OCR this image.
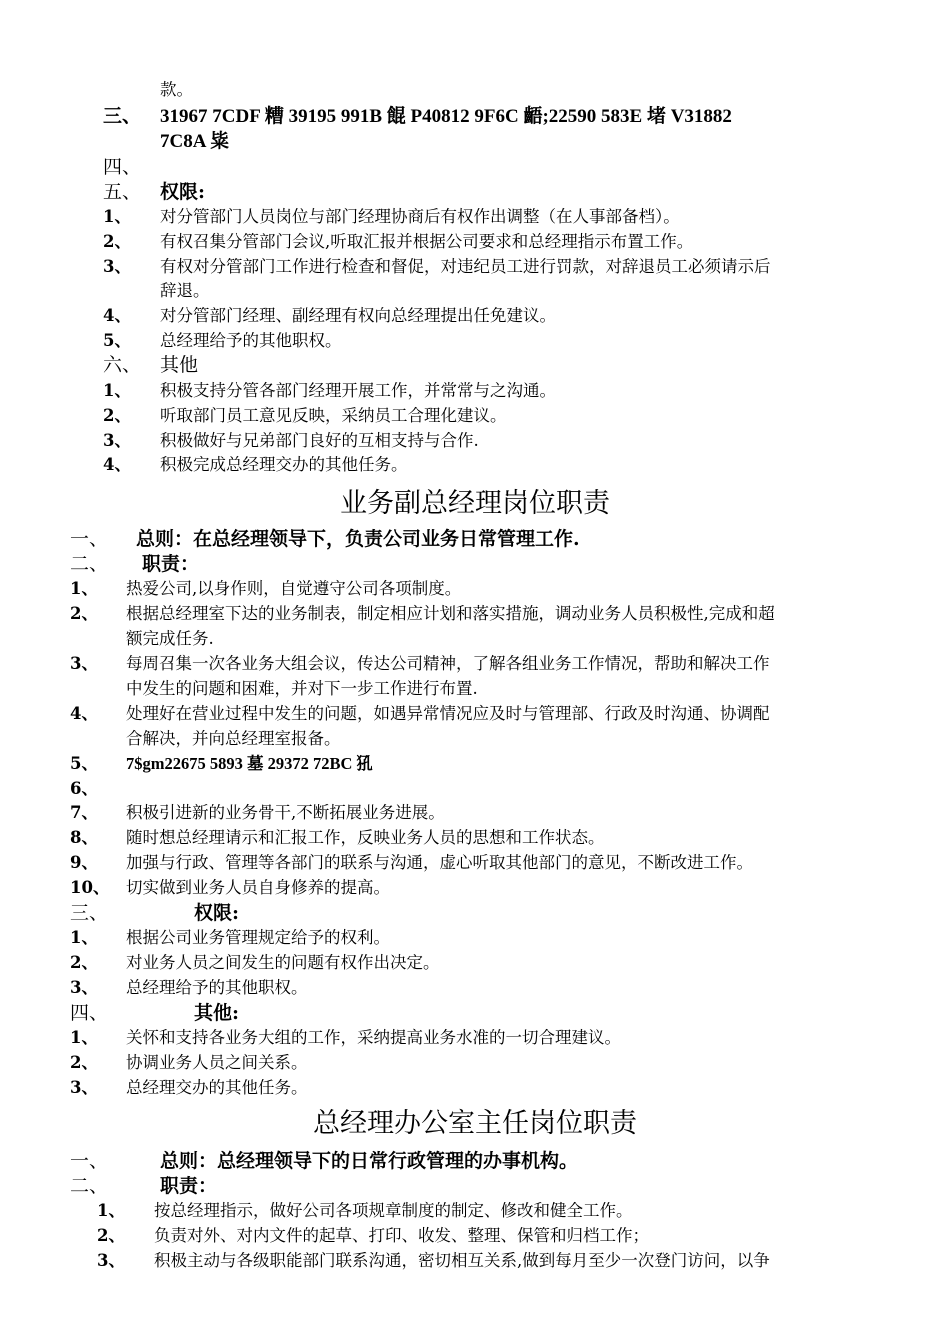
款。
三、 31967 7CDF 糟 39195 991B 餛 P40812 9F6C 齬;22590 583E 堵 V31882
7C8A 粊
四、
五、 权限:
1、	对分管部门人员岗位与部门经理协商后有权作出调整（在人事部备档）。
2、	有权召集分管部门会议,听取汇报并根据公司要求和总经理指示布置工作。
3、	有权对分管部门工作进行检查和督促，对违纪员工进行罚款，对辞退员工必须请示后
辞退。
4、	对分管部门经理、副经理有权向总经理提出任免建议。
5、	总经理给予的其他职权。
六、 其他
1、	积极支持分管各部门经理开展工作，并常常与之沟通。
2、	听取部门员工意见反映，采纳员工合理化建议。
3、	积极做好与兄弟部门良好的互相支持与合作.
4、	积极完成总经理交办的其他任务。
业务副总经理岗位职责
一、	总则：在总经理领导下，负责公司业务日常管理工作.
二、	职责：
1、	热爱公司,以身作则，自觉遵守公司各项制度。
2、	根据总经理室下达的业务制表，制定相应计划和落实措施，调动业务人员积极性,完成和超
额完成任务.
3、	每周召集一次各业务大组会议，传达公司精神，了解各组业务工作情况，帮助和解决工作
中发生的问题和困难，并对下一步工作进行布置.
4、	处理好在营业过程中发生的问题，如遇异常情况应及时与管理部、行政及时沟通、协调配
合解决，并向总经理室报备。
5、	7$gm22675 5893 墓 29372 72BC 犼
6、
7、	积极引进新的业务骨干,不断拓展业务进展。
8、	随时想总经理请示和汇报工作，反映业务人员的思想和工作状态。
9、	加强与行政、管理等各部门的联系与沟通，虚心听取其他部门的意见，不断改进工作。
10、	切实做到业务人员自身修养的提高。
三、	权限:
1、	根据公司业务管理规定给予的权利。
2、	对业务人员之间发生的问题有权作出决定。
3、	总经理给予的其他职权。
四、	其他:
1、	关怀和支持各业务大组的工作，采纳提高业务水准的一切合理建议。
2、	协调业务人员之间关系。
3、	总经理交办的其他任务。
总经理办公室主任岗位职责
一、	总则：总经理领导下的日常行政管理的办事机构。
二、	职责：
1、	按总经理指示，做好公司各项规章制度的制定、修改和健全工作。
2、	负责对外、对内文件的起草、打印、收发、整理、保管和归档工作；
3、	积极主动与各级职能部门联系沟通，密切相互关系,做到每月至少一次登门访问，以争
